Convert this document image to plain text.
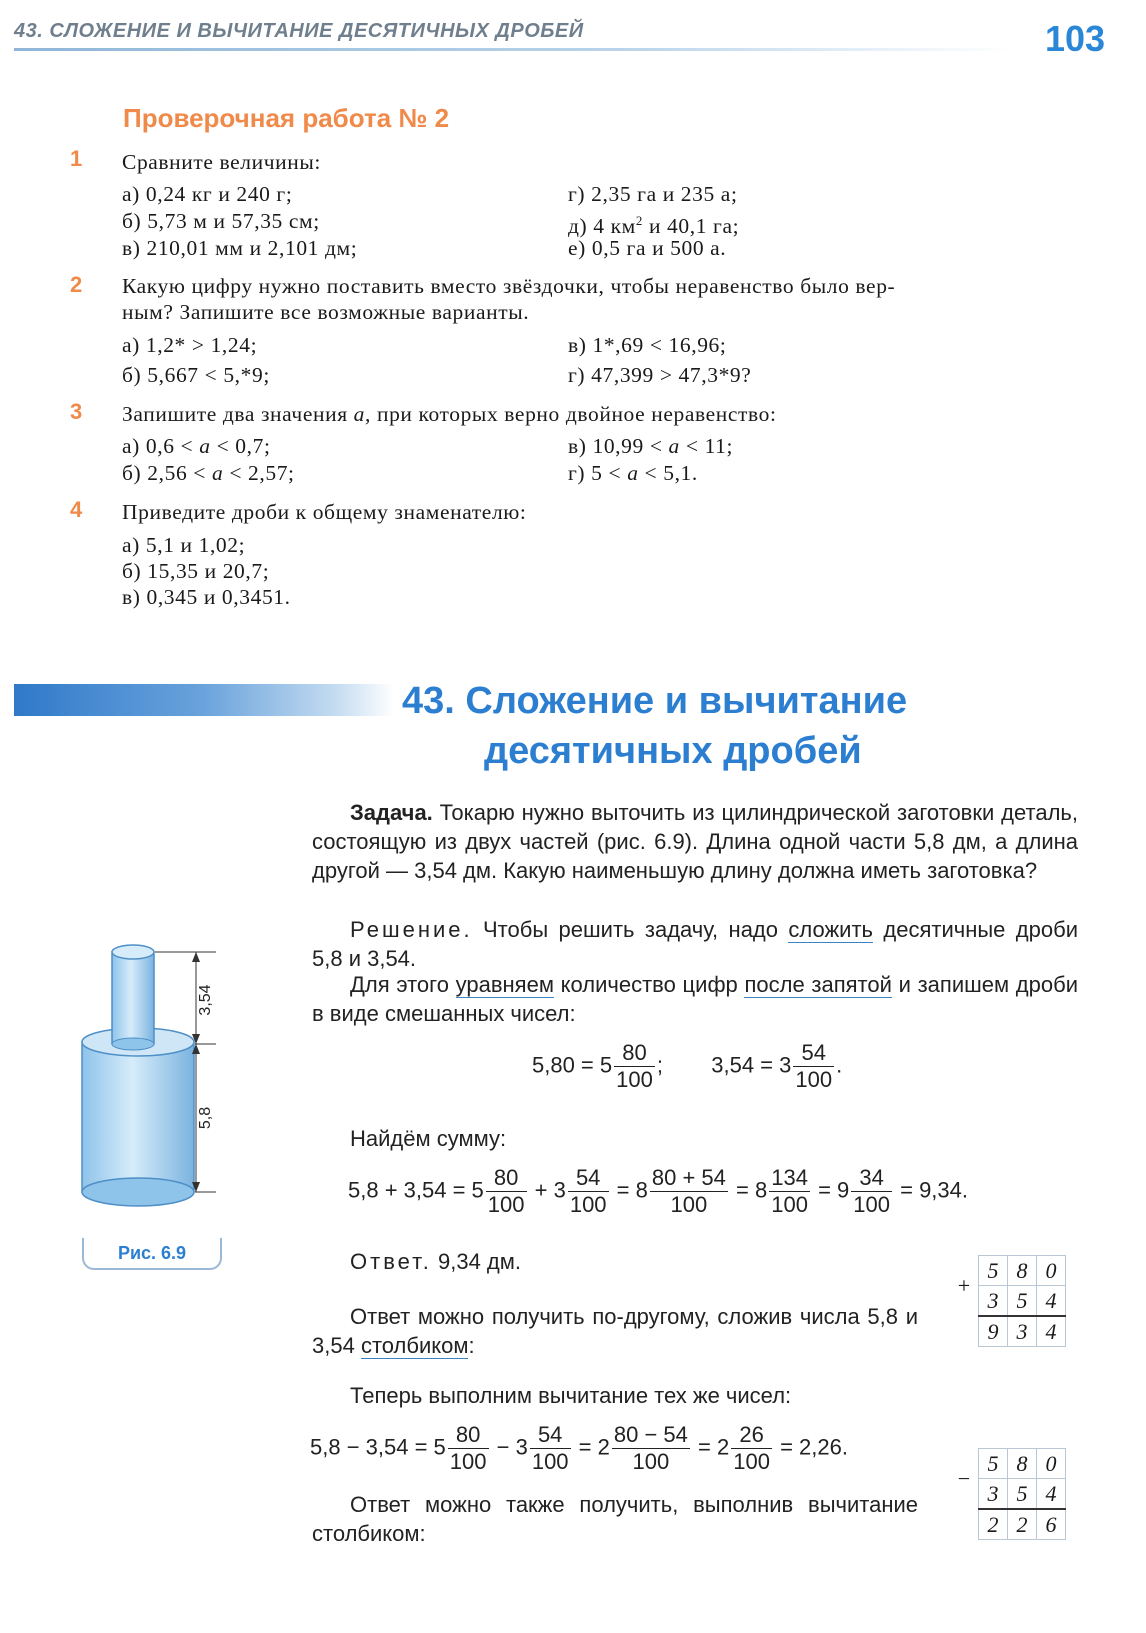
43. СЛОЖЕНИЕ И ВЫЧИТАНИЕ ДЕСЯТИЧНЫХ ДРОБЕЙ	103
Проверочная работа № 2
1 Сравните величины:
а) 0,24 кг и 240 г;
б) 5,73 м и 57,35 см;
в) 210,01 мм и 2,101 дм;
г) 2,35 га и 235 а;
д) 4 $км^2$ и 40,1 га;
е) 0,5 га и 500 а.
2 Какую цифру нужно поставить вместо звёздочки, чтобы неравенство было вер-
ным? Запишите все возможные варианты.
а) 1,2* > 1,24;
б) 5,667 < 5,*9;
в) 1*,69 < 16,96;
г) 47,399 > 47,3*9?
3 Запишите два значения a, при которых верно двойное неравенство:
а) 0,6 < a < 0,7;
б) 2,56 < a < 2,57;
в) 10,99 < a < 11;
г) 5 < a < 5,1.
4 Приведите дроби к общему знаменателю:
а) 5,1 и 1,02;
б) 15,35 и 20,7;
в) 0,345 и 0,3451.
43. Сложение и вычитание
десятичных дробей
Задача. Токарю нужно выточить из цилиндрической заготовки деталь, состоящую из двух частей (рис. 6.9). Длина одной части 5,8 дм, а длина другой — 3,54 дм. Какую наименьшую длину должна иметь заготовка?
Решение. Чтобы решить задачу, надо сложить десятичные дроби 5,8 и 3,54.
Для этого уравняем количество цифр после запятой и запишем дроби в виде смешанных чисел:
$5,80 = 5 \frac{80}{100}$ ; $3,54 = 3 \frac{54}{100}$ .
Найдём сумму:
$5,8 + 3,54 = 5 \frac{80}{100} + 3 \frac{54}{100} = 8 \frac{80 + 54}{100} = 8 \frac{134}{100} = 9 \frac{34}{100} = 9,34$.
Ответ. 9,34 дм.
Ответ можно получить по-другому, сложив числа 5,8 и 3,54 столбиком:
+	5	8	0
	3	5	4
	9	3	4
Теперь выполним вычитание тех же чисел:
$5,8 - 3,54 = 5 \frac{80}{100} - 3 \frac{54}{100} = 2 \frac{80 - 54}{100} = 2 \frac{26}{100} = 2,26$.
Ответ можно также получить, выполнив вычитание столбиком:
−	5	8	0
	3	5	4
	2	2	6
3,54
5,8
Рис. 6.9
